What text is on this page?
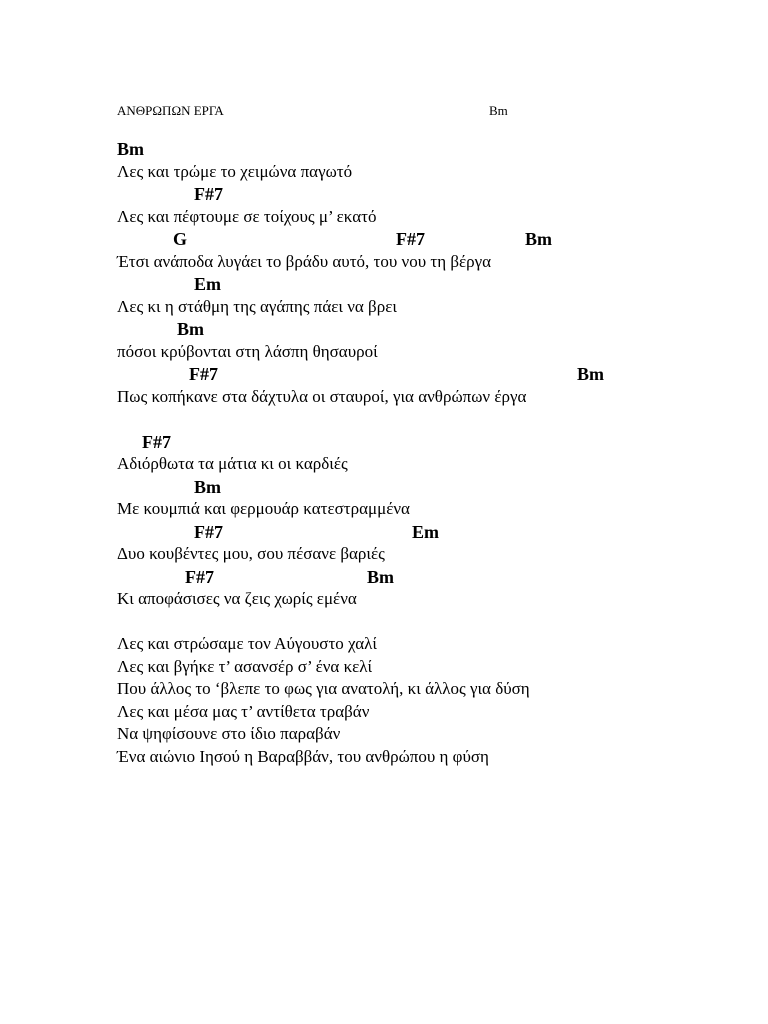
ΑΝΘΡΩΠΩΝ ΕΡΓΑ	Bm
Bm
Λες και τρώμε το χειμώνα παγωτό
F#7
Λες και πέφτουμε σε τοίχους μ’ εκατό
G	F#7	Bm
Έτσι ανάποδα λυγάει το βράδυ αυτό, του νου τη βέργα
Em
Λες κι η στάθμη της αγάπης πάει να βρει
Bm
πόσοι κρύβονται στη λάσπη θησαυροί
F#7	Bm
Πως κοπήκανε στα δάχτυλα οι σταυροί, για ανθρώπων έργα
F#7
Αδιόρθωτα τα μάτια κι οι καρδιές
Bm
Με κουμπιά και φερμουάρ κατεστραμμένα
F#7	Em
Δυο κουβέντες μου, σου πέσανε βαριές
F#7	Bm
Κι αποφάσισες να ζεις χωρίς εμένα
Λες και στρώσαμε τον Αύγουστο χαλί
Λες και βγήκε τ’ ασανσέρ σ’ ένα κελί
Που άλλος το ‘βλεπε το φως για ανατολή, κι άλλος για δύση
Λες και μέσα μας τ’ αντίθετα τραβάν
Να ψηφίσουνε στο ίδιο παραβάν
Ένα αιώνιο Ιησού η Βαραββάν, του ανθρώπου η φύση
